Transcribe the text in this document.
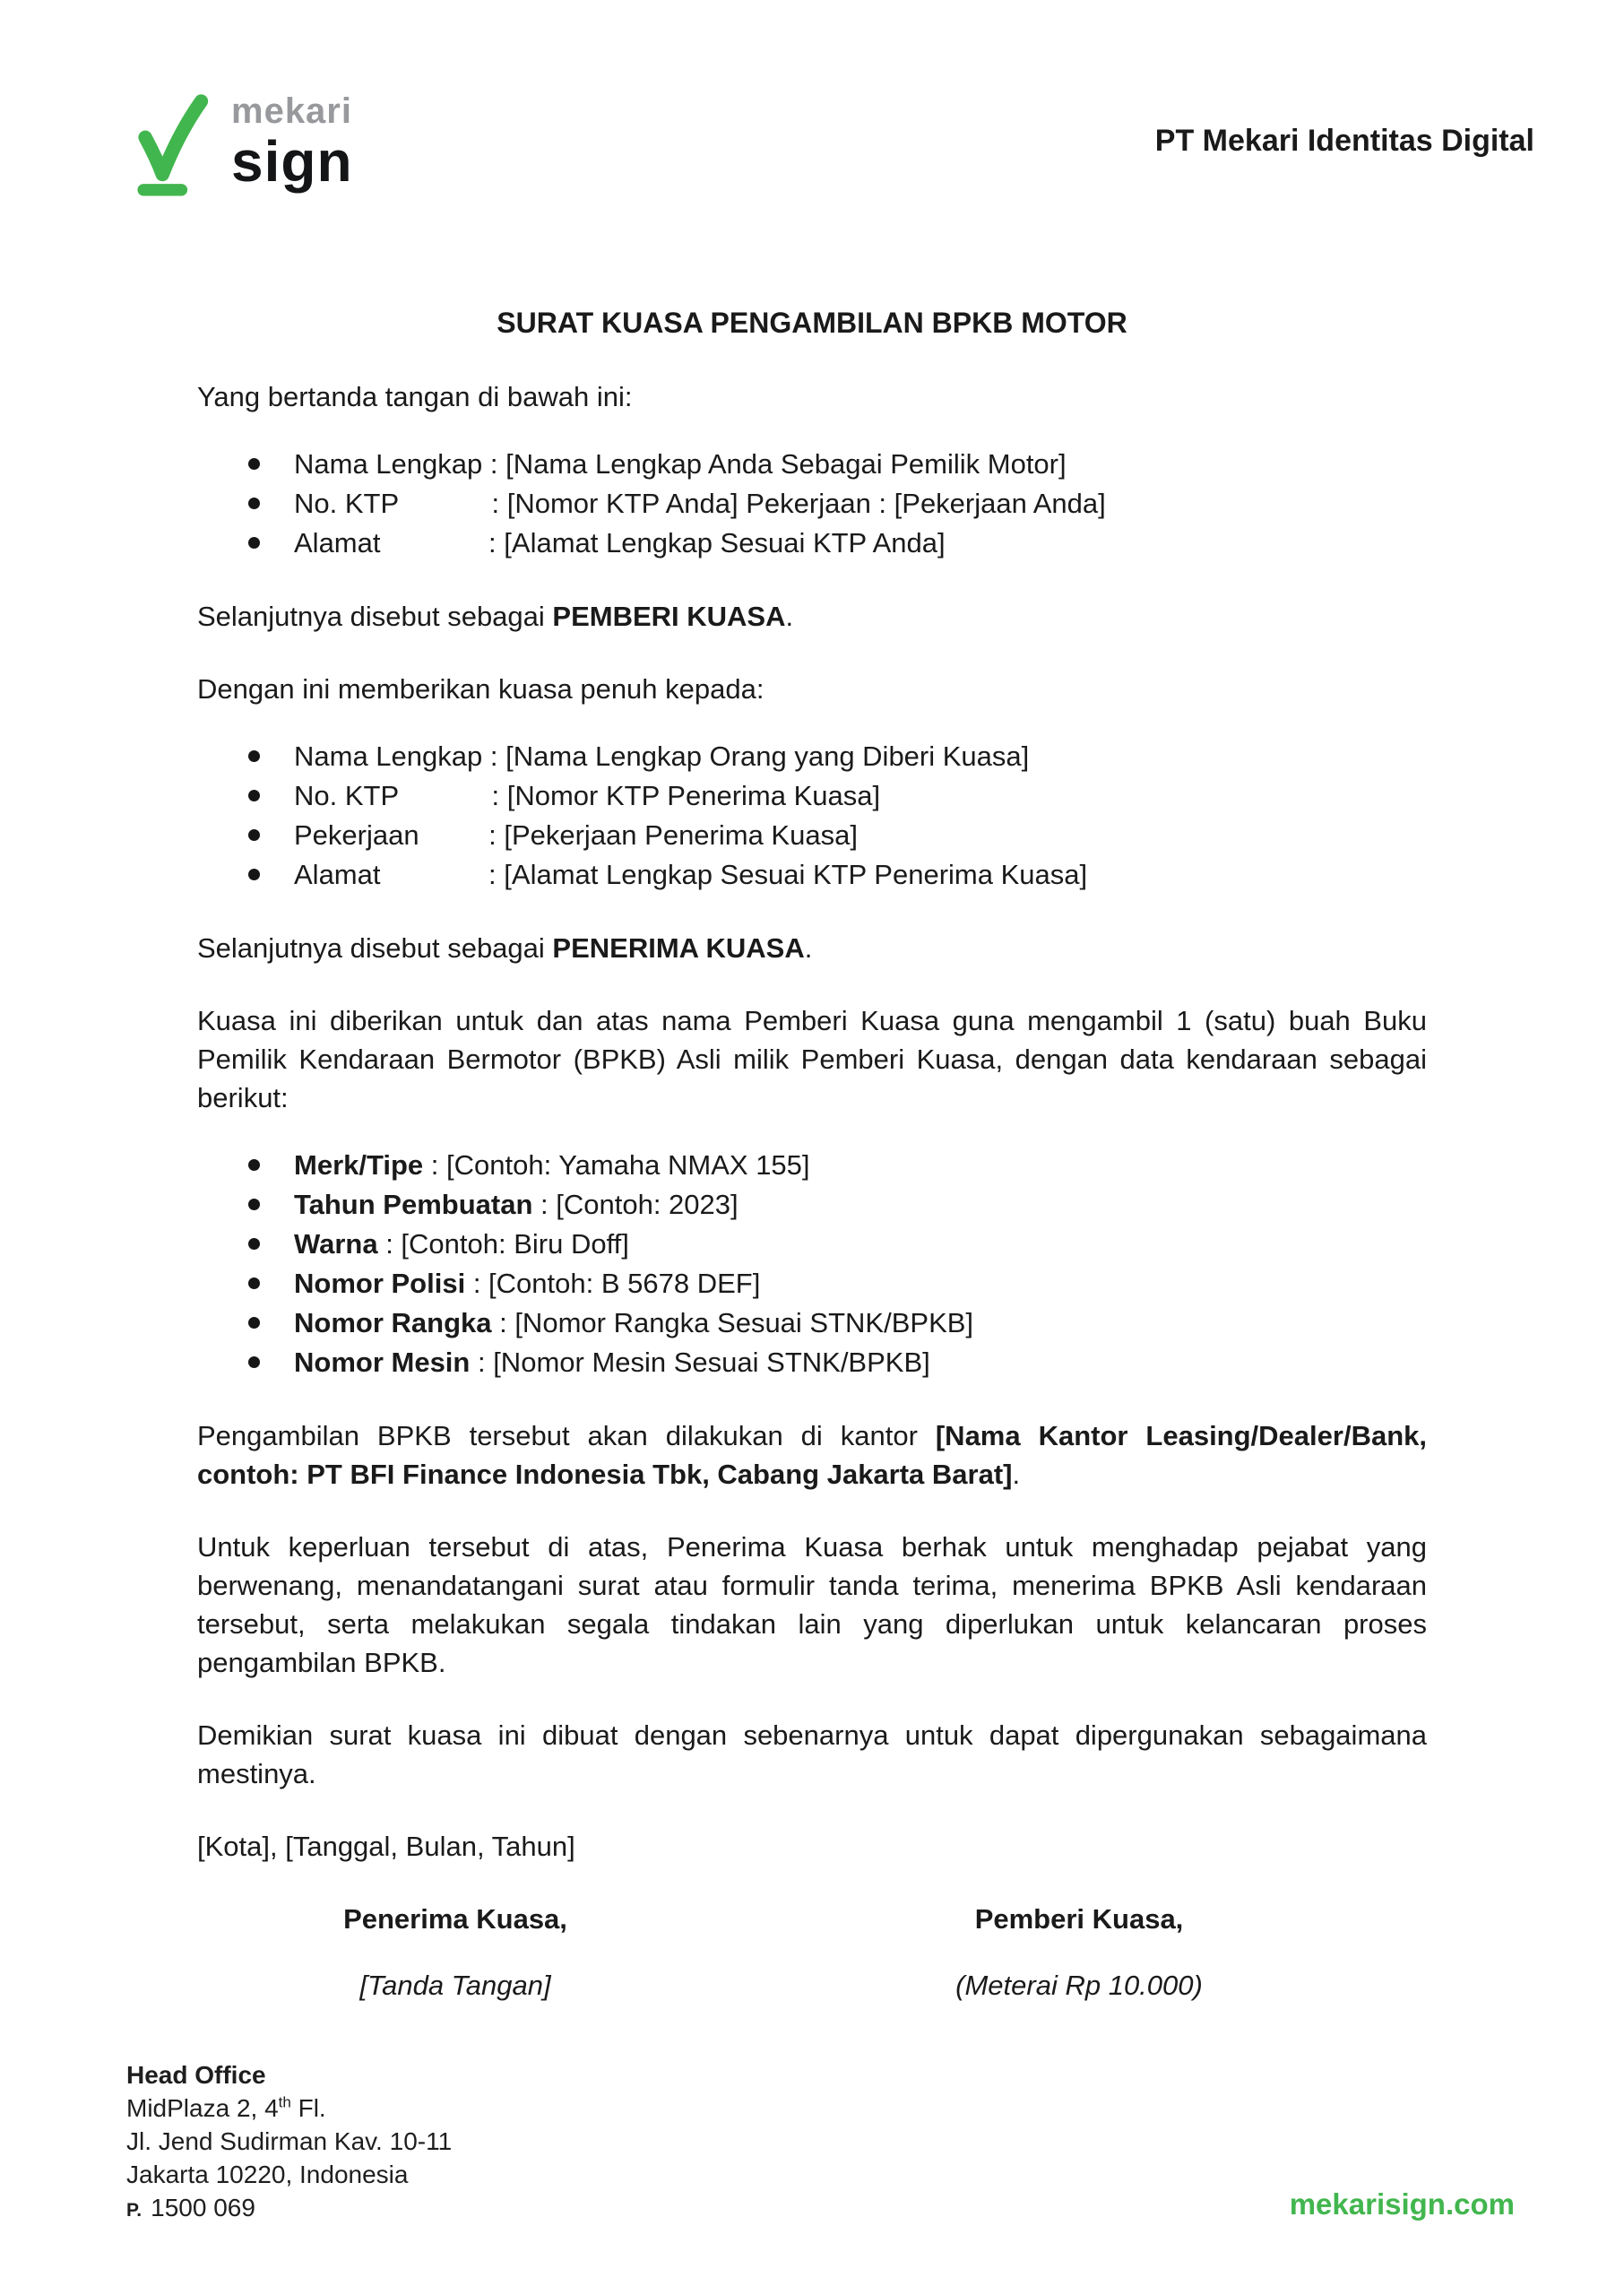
mekari
sign	PT Mekari Identitas Digital
SURAT KUASA PENGAMBILAN BPKB MOTOR

Yang bertanda tangan di bawah ini:

Nama Lengkap : [Nama Lengkap Anda Sebagai Pemilik Motor]
No. KTP            : [Nomor KTP Anda] Pekerjaan : [Pekerjaan Anda]
Alamat              : [Alamat Lengkap Sesuai KTP Anda]

Selanjutnya disebut sebagai PEMBERI KUASA.

Dengan ini memberikan kuasa penuh kepada:

Nama Lengkap : [Nama Lengkap Orang yang Diberi Kuasa]
No. KTP            : [Nomor KTP Penerima Kuasa]
Pekerjaan         : [Pekerjaan Penerima Kuasa]
Alamat              : [Alamat Lengkap Sesuai KTP Penerima Kuasa]

Selanjutnya disebut sebagai PENERIMA KUASA.

Kuasa ini diberikan untuk dan atas nama Pemberi Kuasa guna mengambil 1 (satu) buah Buku Pemilik Kendaraan Bermotor (BPKB) Asli milik Pemberi Kuasa, dengan data kendaraan sebagai berikut:

Merk/Tipe : [Contoh: Yamaha NMAX 155]
Tahun Pembuatan : [Contoh: 2023]
Warna : [Contoh: Biru Doff]
Nomor Polisi : [Contoh: B 5678 DEF]
Nomor Rangka : [Nomor Rangka Sesuai STNK/BPKB]
Nomor Mesin : [Nomor Mesin Sesuai STNK/BPKB]

Pengambilan BPKB tersebut akan dilakukan di kantor [Nama Kantor Leasing/Dealer/Bank, contoh: PT BFI Finance Indonesia Tbk, Cabang Jakarta Barat].

Untuk keperluan tersebut di atas, Penerima Kuasa berhak untuk menghadap pejabat yang berwenang, menandatangani surat atau formulir tanda terima, menerima BPKB Asli kendaraan tersebut, serta melakukan segala tindakan lain yang diperlukan untuk kelancaran proses pengambilan BPKB.

Demikian surat kuasa ini dibuat dengan sebenarnya untuk dapat dipergunakan sebagaimana mestinya.

[Kota], [Tanggal, Bulan, Tahun]

Penerima Kuasa,
[Tanda Tangan]
Pemberi Kuasa,
(Meterai Rp 10.000)
Head Office
MidPlaza 2, 4th Fl.
Jl. Jend Sudirman Kav. 10-11
Jakarta 10220, Indonesia
P. 1500 069	mekarisign.com
